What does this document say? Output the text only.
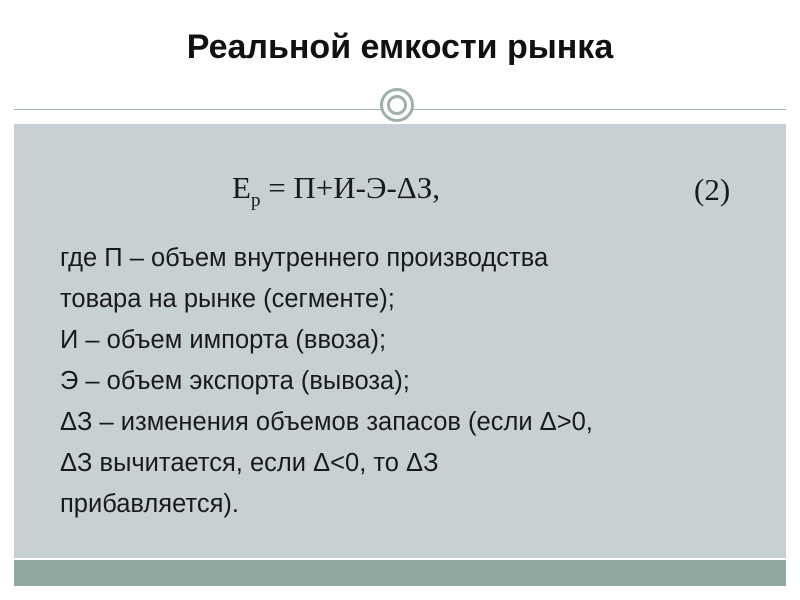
Реальной емкости рынка
$Е_р = П+И-Э-\Delta З$,	(2)
где П – объем внутреннего производства
товара на рынке (сегменте);
И – объем импорта (ввоза);
Э – объем экспорта (вывоза);
ΔЗ – изменения объемов запасов (если Δ>0,
ΔЗ вычитается, если Δ<0, то ΔЗ
прибавляется).
